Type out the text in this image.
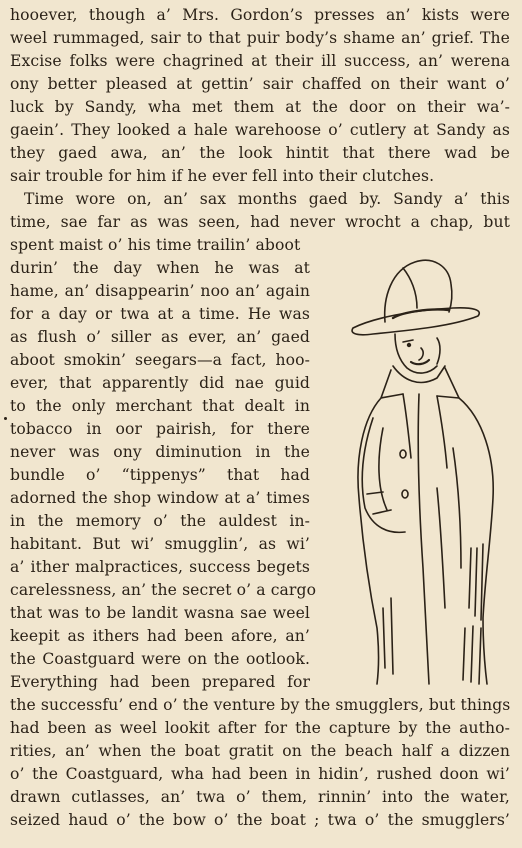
hooever, though a’ Mrs. Gordon’s presses an’ kists were

weel rummaged, sair to that puir body’s shame an’ grief. The

Excise folks were chagrined at their ill success, an’ werena

ony better pleased at gettin’ sair chaffed on their want o’

luck by Sandy, wha met them at the door on their wa’-

gaein’. They looked a hale warehoose o’ cutlery at Sandy as

they gaed awa, an’ the look hintit that there wad be

sair trouble for him if he ever fell into their clutches.

Time wore on, an’ sax months gaed by. Sandy a’ this

time, sae far as was seen, had never wrocht a chap, but

spent maist o’ his time trailin’ aboot

durin’ the day when he was at

hame, an’ disappearin’ noo an’ again

for a day or twa at a time. He was

as flush o’ siller as ever, an’ gaed

aboot smokin’ seegars—a fact, hoo-

ever, that apparently did nae guid

to the only merchant that dealt in

tobacco in oor pairish, for there

never was ony diminution in the

bundle o’ “tippenys” that had

adorned the shop window at a’ times

in the memory o’ the auldest in-

habitant. But wi’ smugglin’, as wi’

a’ ither malpractices, success begets

carelessness, an’ the secret o’ a cargo

that was to be landit wasna sae weel

keepit as ithers had been afore, an’

the Coastguard were on the ootlook.

Everything had been prepared for

the successfu’ end o’ the venture by the smugglers, but things

had been as weel lookit after for the capture by the autho-

rities, an’ when the boat gratit on the beach half a dizzen

o’ the Coastguard, wha had been in hidin’, rushed doon wi’

drawn cutlasses, an’ twa o’ them, rinnin’ into the water,

seized haud o’ the bow o’ the boat ; twa o’ the smugglers’
